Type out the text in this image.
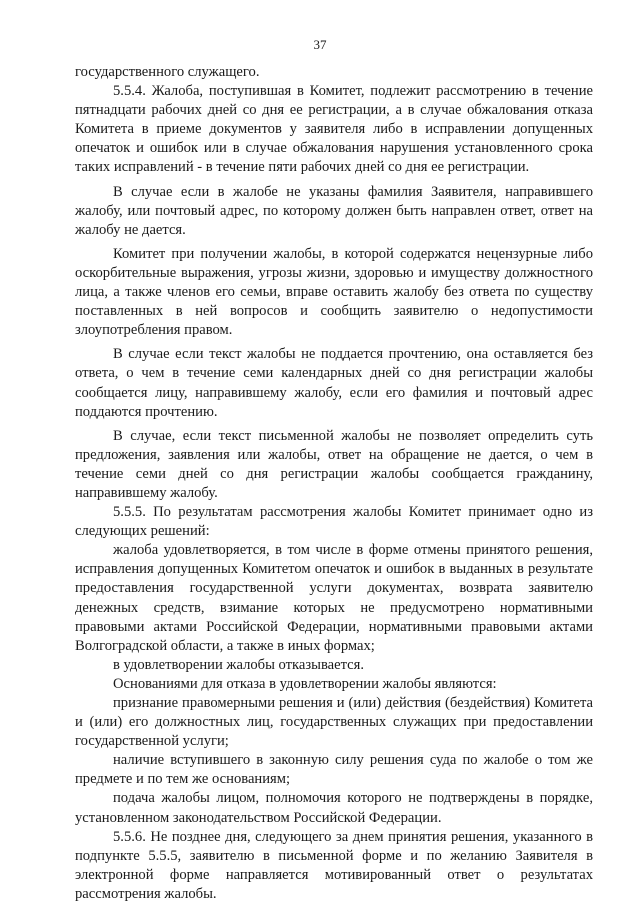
37

государственного служащего.

5.5.4. Жалоба, поступившая в Комитет, подлежит рассмотрению в течение пятнадцати рабочих дней со дня ее регистрации, а в случае обжалования отказа Комитета в приеме документов у заявителя либо в исправлении допущенных опечаток и ошибок или в случае обжалования нарушения установленного срока таких исправлений - в течение пяти рабочих дней со дня ее регистрации.

В случае если в жалобе не указаны фамилия Заявителя, направившего жалобу, или почтовый адрес, по которому должен быть направлен ответ, ответ на жалобу не дается.

Комитет при получении жалобы, в которой содержатся нецензурные либо оскорбительные выражения, угрозы жизни, здоровью и имуществу должностного лица, а также членов его семьи, вправе оставить жалобу без ответа по существу поставленных в ней вопросов и сообщить заявителю о недопустимости злоупотребления правом.

В случае если текст жалобы не поддается прочтению, она оставляется без ответа, о чем в течение семи календарных дней со дня регистрации жалобы сообщается лицу, направившему жалобу, если его фамилия и почтовый адрес поддаются прочтению.

В случае, если текст письменной жалобы не позволяет определить суть предложения, заявления или жалобы, ответ на обращение не дается, о чем в течение семи дней со дня регистрации жалобы сообщается гражданину, направившему жалобу.

5.5.5. По результатам рассмотрения жалобы Комитет принимает одно из следующих решений:

жалоба удовлетворяется, в том числе в форме отмены принятого решения, исправления допущенных Комитетом опечаток и ошибок в выданных в результате предоставления государственной услуги документах, возврата заявителю денежных средств, взимание которых не предусмотрено нормативными правовыми актами Российской Федерации, нормативными правовыми актами Волгоградской области, а также в иных формах;

в удовлетворении жалобы отказывается.

Основаниями для отказа в удовлетворении жалобы являются:

признание правомерными решения и (или) действия (бездействия) Комитета и (или) его должностных лиц, государственных служащих при предоставлении государственной услуги;

наличие вступившего в законную силу решения суда по жалобе о том же предмете и по тем же основаниям;

подача жалобы лицом, полномочия которого не подтверждены в порядке, установленном законодательством Российской Федерации.

5.5.6. Не позднее дня, следующего за днем принятия решения, указанного в подпункте 5.5.5, заявителю в письменной форме и по желанию Заявителя в электронной форме направляется мотивированный ответ о результатах рассмотрения жалобы.
